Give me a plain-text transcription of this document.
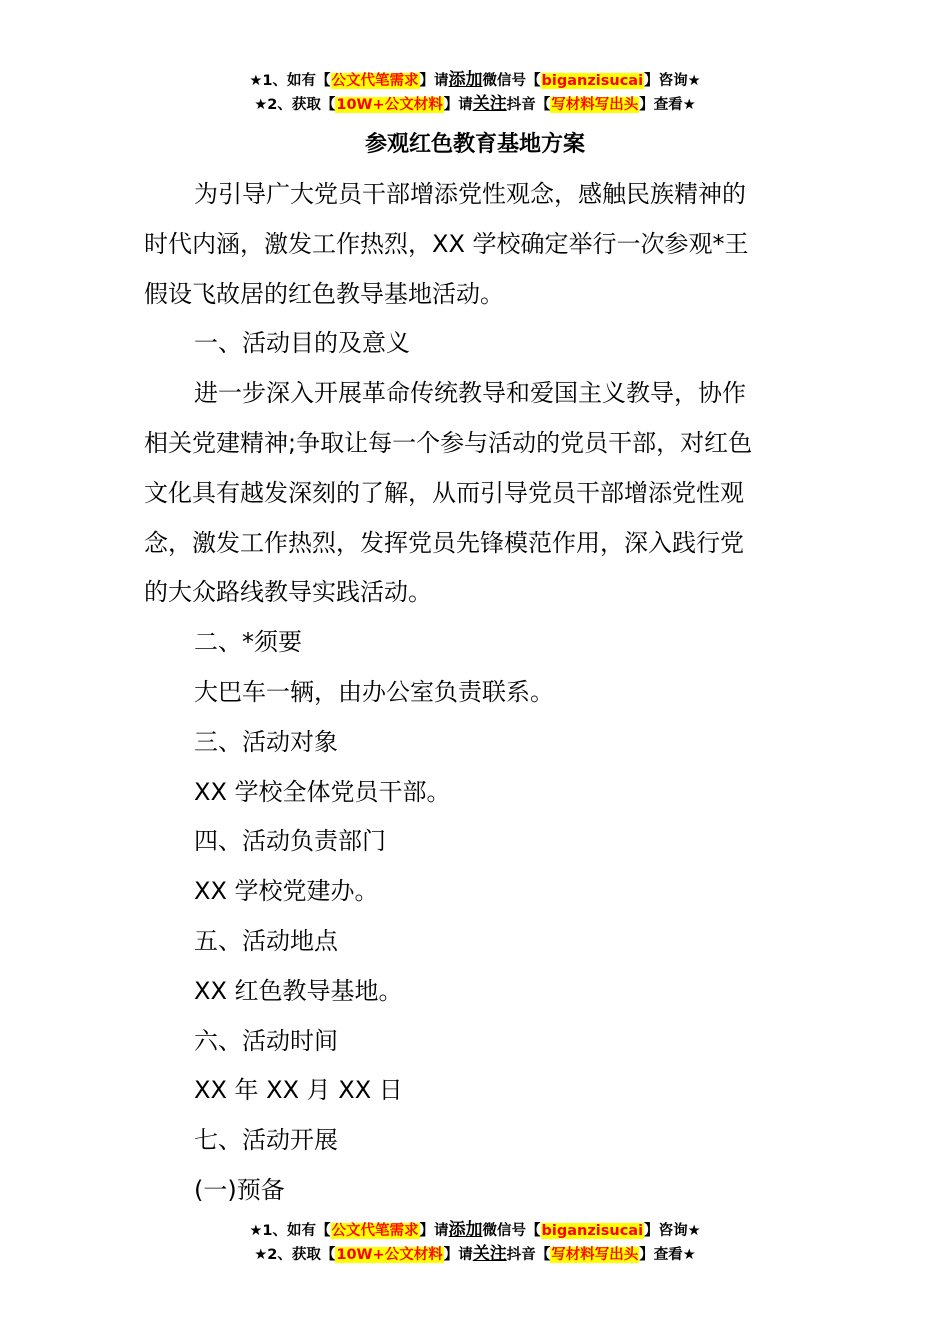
★1、如有【公文代笔需求】请添加微信号【biganzisucai】咨询★
★2、获取【10W+公文材料】请关注抖音【写材料写出头】查看★
参观红色教育基地方案

为引导广大党员干部增添党性观念，感触民族精神的

时代内涵，激发工作热烈，XX 学校确定举行一次参观*王

假设飞故居的红色教导基地活动。

一、活动目的及意义

进一步深入开展革命传统教导和爱国主义教导，协作

相关党建精神;争取让每一个参与活动的党员干部，对红色

文化具有越发深刻的了解，从而引导党员干部增添党性观

念，激发工作热烈，发挥党员先锋模范作用，深入践行党

的大众路线教导实践活动。

二、*须要

大巴车一辆，由办公室负责联系。

三、活动对象

XX 学校全体党员干部。

四、活动负责部门

XX 学校党建办。

五、活动地点

XX 红色教导基地。

六、活动时间

XX 年 XX 月 XX 日

七、活动开展

(一)预备

★1、如有【公文代笔需求】请添加微信号【biganzisucai】咨询★
★2、获取【10W+公文材料】请关注抖音【写材料写出头】查看★
